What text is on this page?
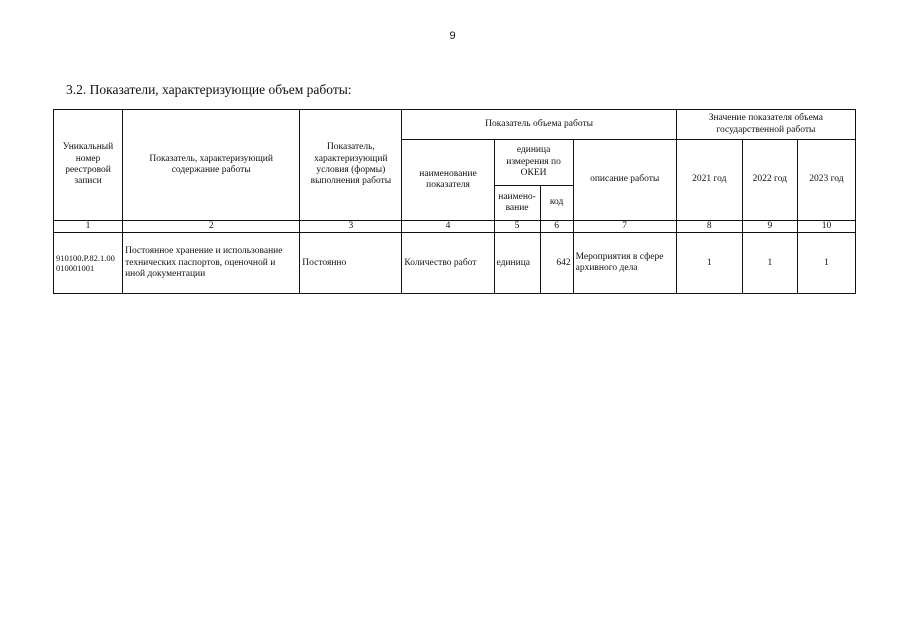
9
3.2. Показатели, характеризующие объем работы:
Уникальный номер реестровой записи	Показатель, характеризующий содержание работы	Показатель, характеризующий условия (формы) выполнения работы	Показатель объема работы				Значение показателя объема государственной работы		
			наименование показателя	единица измерения по ОКЕИ		описание работы	2021 год	2022 год	2023 год
				наимено-вание	код				
1	2	3	4	5	6	7	8	9	10
910100.Р.82.1.00 010001001	Постоянное хранение и использование технических паспортов, оценочной и иной документации	Постоянно	Количество работ	единица	642	Мероприятия в сфере архивного дела	1	1	1
